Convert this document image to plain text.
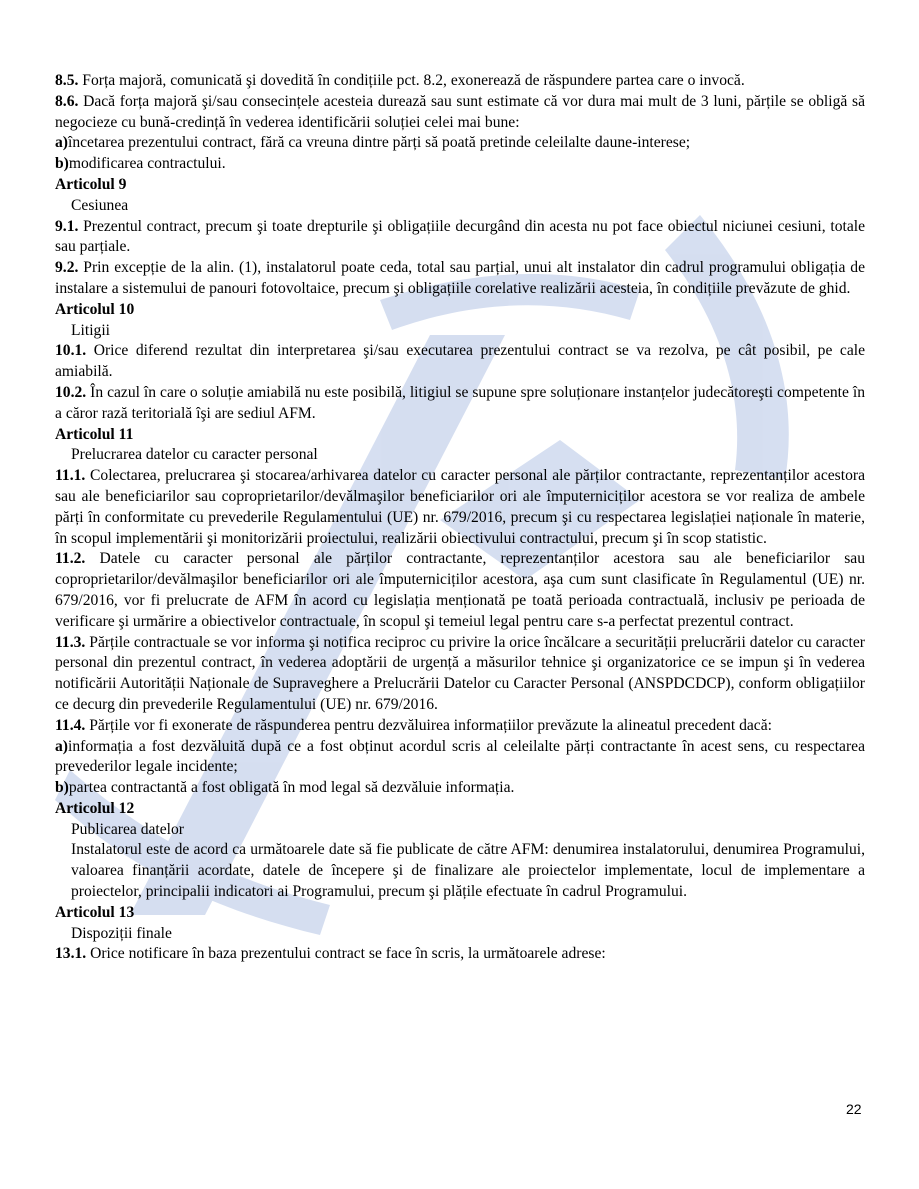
8.5. Forța majoră, comunicată şi dovedită în condițiile pct. 8.2, exonerează de răspundere partea care o invocă.

8.6. Dacă forța majoră şi/sau consecințele acesteia durează sau sunt estimate că vor dura mai mult de 3 luni, părțile se obligă să negocieze cu bună-credință în vederea identificării soluției celei mai bune:

a)încetarea prezentului contract, fără ca vreuna dintre părți să poată pretinde celeilalte daune-interese;

b)modificarea contractului.

Articolul 9

Cesiunea

9.1. Prezentul contract, precum şi toate drepturile şi obligațiile decurgând din acesta nu pot face obiectul niciunei cesiuni, totale sau parțiale.

9.2. Prin excepție de la alin. (1), instalatorul poate ceda, total sau parțial, unui alt instalator din cadrul programului obligația de instalare a sistemului de panouri fotovoltaice, precum şi obligațiile corelative realizării acesteia, în condițiile prevăzute de ghid.

Articolul 10

Litigii

10.1. Orice diferend rezultat din interpretarea şi/sau executarea prezentului contract se va rezolva, pe cât posibil, pe cale amiabilă.

10.2. În cazul în care o soluție amiabilă nu este posibilă, litigiul se supune spre soluționare instanțelor judecătoreşti competente în a căror rază teritorială îşi are sediul AFM.

Articolul 11

Prelucrarea datelor cu caracter personal

11.1. Colectarea, prelucrarea şi stocarea/arhivarea datelor cu caracter personal ale părților contractante, reprezentanților acestora sau ale beneficiarilor sau coproprietarilor/devălmaşilor beneficiarilor ori ale împuterniciților acestora se vor realiza de ambele părți în conformitate cu prevederile Regulamentului (UE) nr. 679/2016, precum şi cu respectarea legislației naționale în materie, în scopul implementării şi monitorizării proiectului, realizării obiectivului contractului, precum şi în scop statistic.

11.2. Datele cu caracter personal ale părților contractante, reprezentanților acestora sau ale beneficiarilor sau coproprietarilor/devălmaşilor beneficiarilor ori ale împuterniciților acestora, aşa cum sunt clasificate în Regulamentul (UE) nr. 679/2016, vor fi prelucrate de AFM în acord cu legislația menționată pe toată perioada contractuală, inclusiv pe perioada de verificare şi urmărire a obiectivelor contractuale, în scopul şi temeiul legal pentru care s-a perfectat prezentul contract.

11.3. Părțile contractuale se vor informa şi notifica reciproc cu privire la orice încălcare a securității prelucrării datelor cu caracter personal din prezentul contract, în vederea adoptării de urgență a măsurilor tehnice şi organizatorice ce se impun şi în vederea notificării Autorității Naționale de Supraveghere a Prelucrării Datelor cu Caracter Personal (ANSPDCDCP), conform obligațiilor ce decurg din prevederile Regulamentului (UE) nr. 679/2016.

11.4. Părțile vor fi exonerate de răspunderea pentru dezvăluirea informațiilor prevăzute la alineatul precedent dacă:

a)informația a fost dezvăluită după ce a fost obținut acordul scris al celeilalte părți contractante în acest sens, cu respectarea prevederilor legale incidente;

b)partea contractantă a fost obligată în mod legal să dezvăluie informația.

Articolul 12

Publicarea datelor

Instalatorul este de acord ca următoarele date să fie publicate de către AFM: denumirea instalatorului, denumirea Programului, valoarea finanțării acordate, datele de începere şi de finalizare ale proiectelor implementate, locul de implementare a proiectelor, principalii indicatori ai Programului, precum şi plățile efectuate în cadrul Programului.

Articolul 13

Dispoziții finale

13.1. Orice notificare în baza prezentului contract se face în scris, la următoarele adrese:

22
